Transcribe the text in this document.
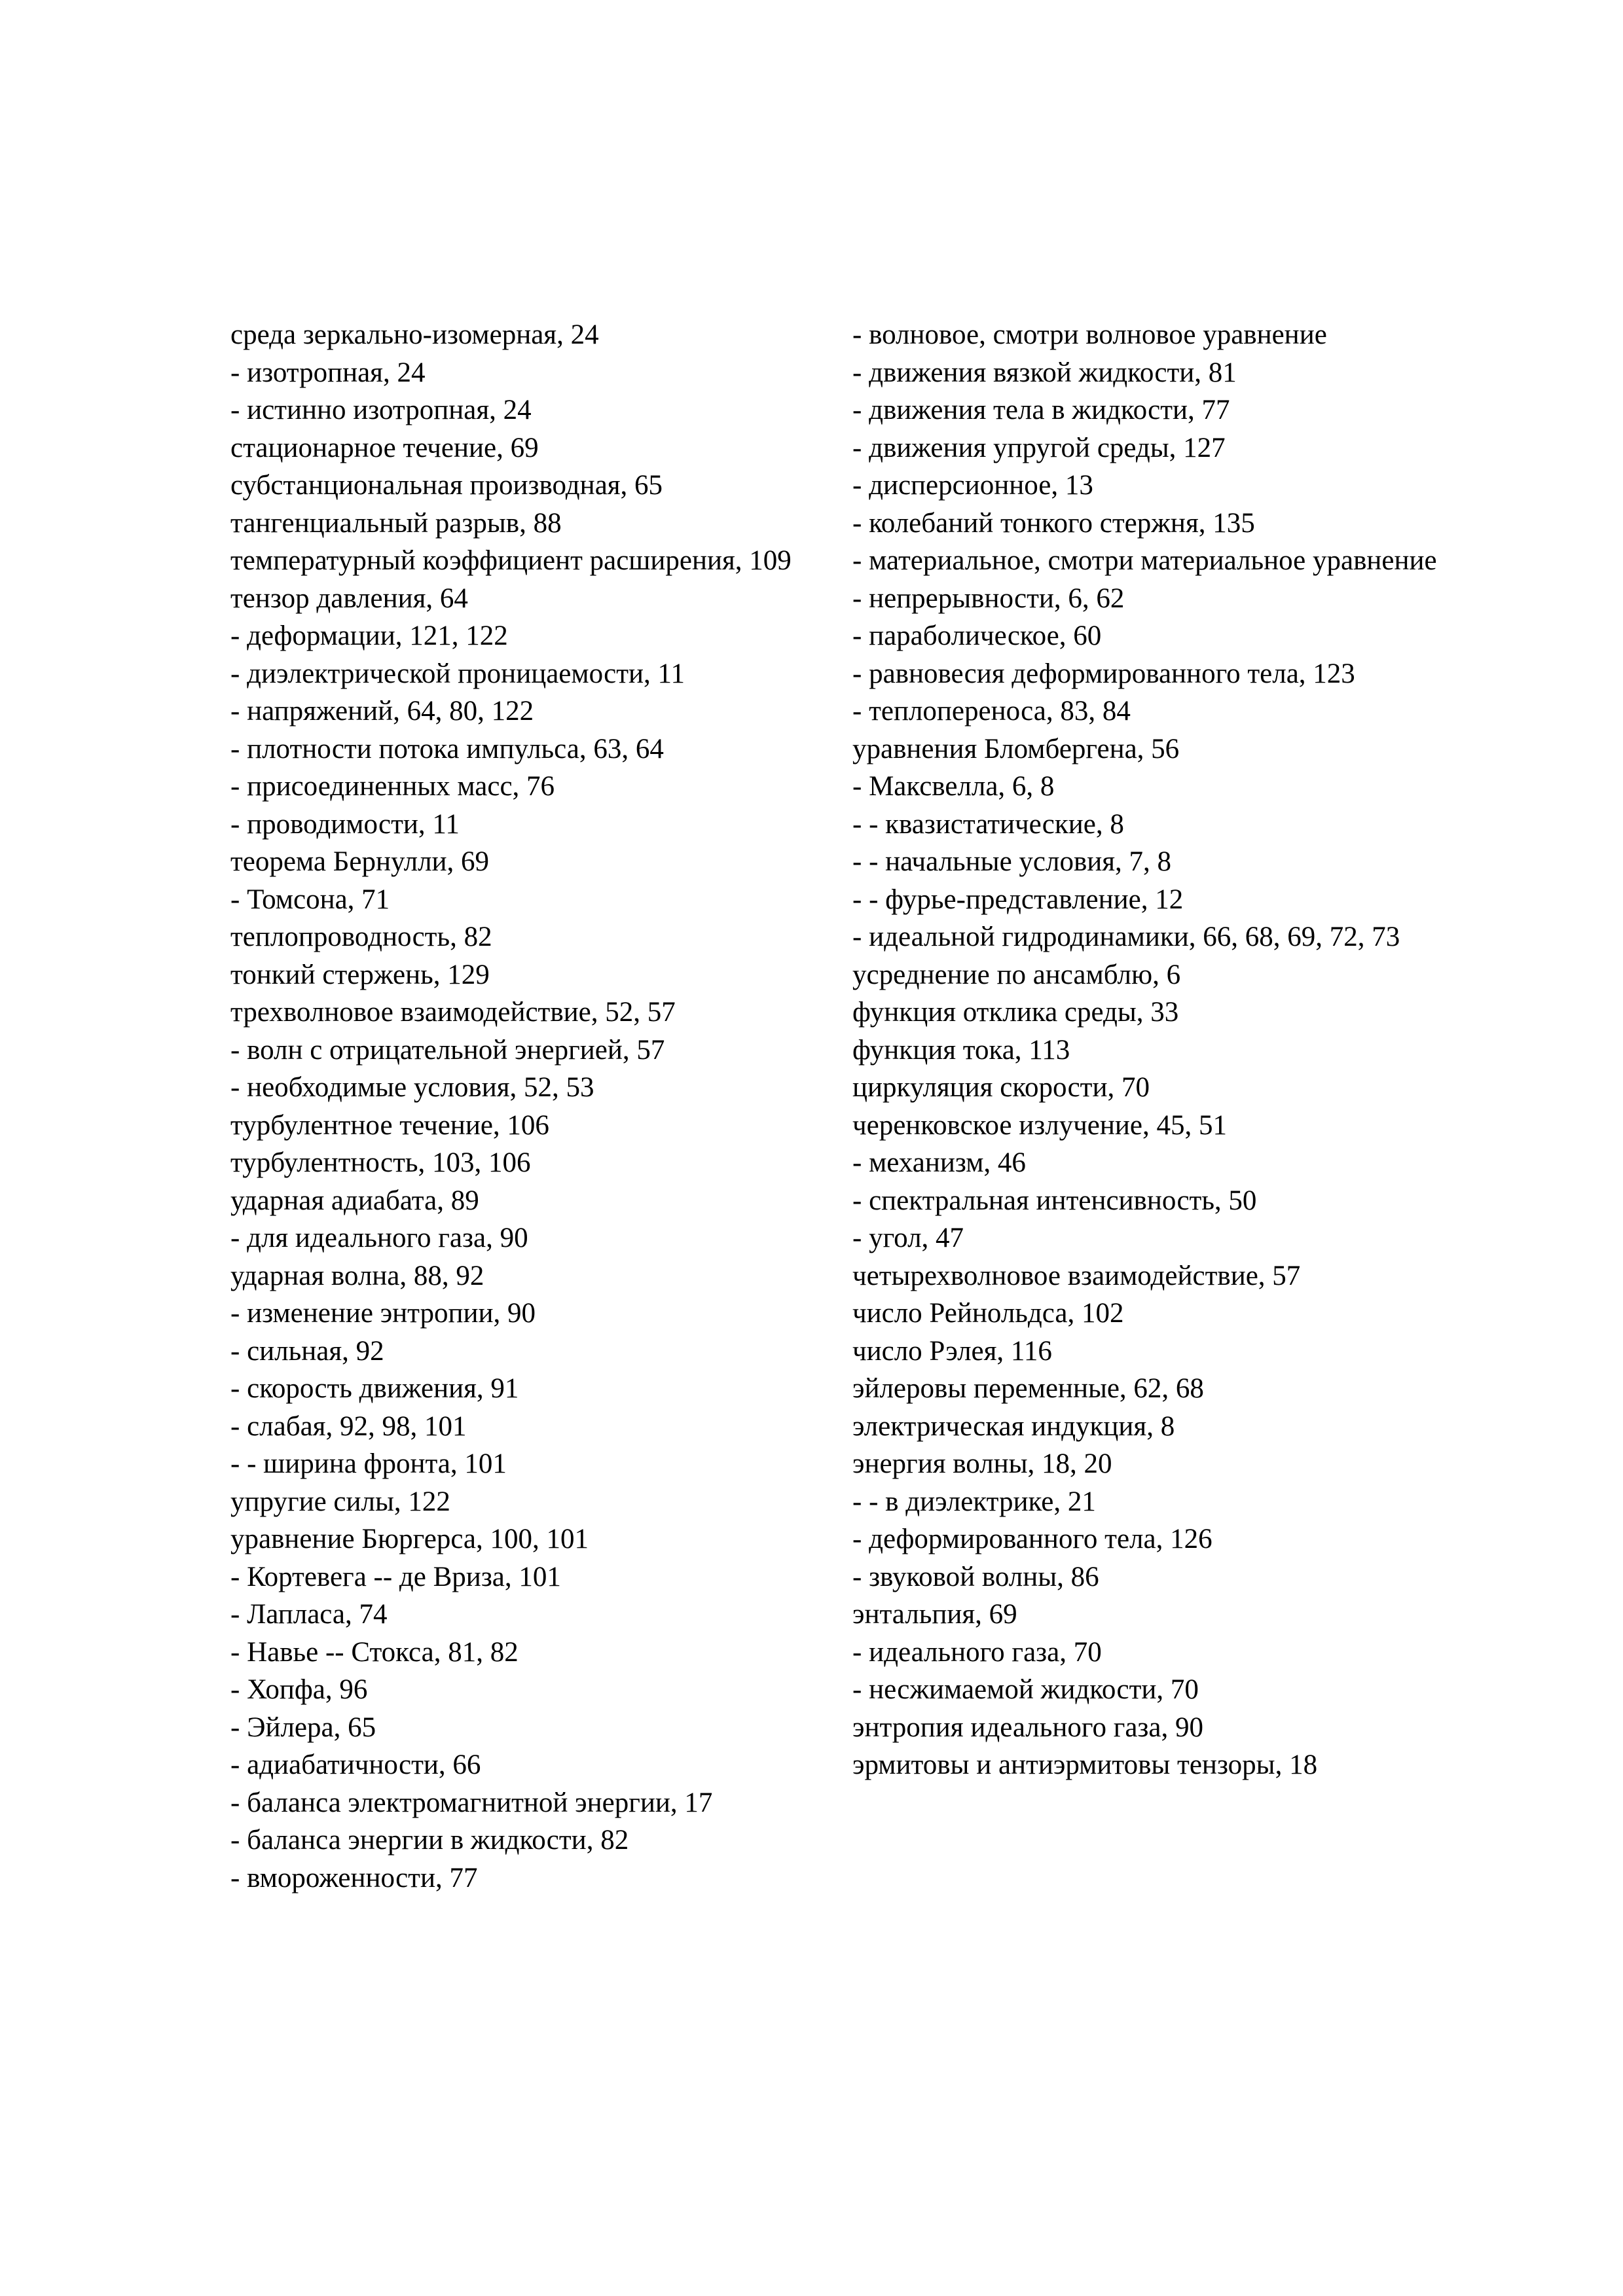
среда зеркально-изомерная, 24
- изотропная, 24
- истинно изотропная, 24
стационарное течение, 69
субстанциональная производная, 65
тангенциальный разрыв, 88
температурный коэффициент расширения, 109
тензор давления, 64
- деформации, 121, 122
- диэлектрической проницаемости, 11
- напряжений, 64, 80, 122
- плотности потока импульса, 63, 64
- присоединенных масс, 76
- проводимости, 11
теорема Бернулли, 69
- Томсона, 71
теплопроводность, 82
тонкий стержень, 129
трехволновое взаимодействие, 52, 57
- волн с отрицательной энергией, 57
- необходимые условия, 52, 53
турбулентное течение, 106
турбулентность, 103, 106
ударная адиабата, 89
- для идеального газа, 90
ударная волна, 88, 92
- изменение энтропии, 90
- сильная, 92
- скорость движения, 91
- слабая, 92, 98, 101
- - ширина фронта, 101
упругие силы, 122
уравнение Бюргерса, 100, 101
- Кортевега -- де Вриза, 101
- Лапласа, 74
- Навье -- Стокса, 81, 82
- Хопфа, 96
- Эйлера, 65
- адиабатичности, 66
- баланса электромагнитной энергии, 17
- баланса энергии в жидкости, 82
- вмороженности, 77
- волновое, смотри волновое уравнение
- движения вязкой жидкости, 81
- движения тела в жидкости, 77
- движения упругой среды, 127
- дисперсионное, 13
- колебаний тонкого стержня, 135
- материальное, смотри материальное уравнение
- непрерывности, 6, 62
- параболическое, 60
- равновесия деформированного тела, 123
- теплопереноса, 83, 84
уравнения Бломбергена, 56
- Максвелла, 6, 8
- - квазистатические, 8
- - начальные условия, 7, 8
- - фурье-представление, 12
- идеальной гидродинамики, 66, 68, 69, 72, 73
усреднение по ансамблю, 6
функция отклика среды, 33
функция тока, 113
циркуляция скорости, 70
черенковское излучение, 45, 51
- механизм, 46
- спектральная интенсивность, 50
- угол, 47
четырехволновое взаимодействие, 57
число Рейнольдса, 102
число Рэлея, 116
эйлеровы переменные, 62, 68
электрическая индукция, 8
энергия волны, 18, 20
- - в диэлектрике, 21
- деформированного тела, 126
- звуковой волны, 86
энтальпия, 69
- идеального газа, 70
- несжимаемой жидкости, 70
энтропия идеального газа, 90
эрмитовы и антиэрмитовы тензоры, 18
